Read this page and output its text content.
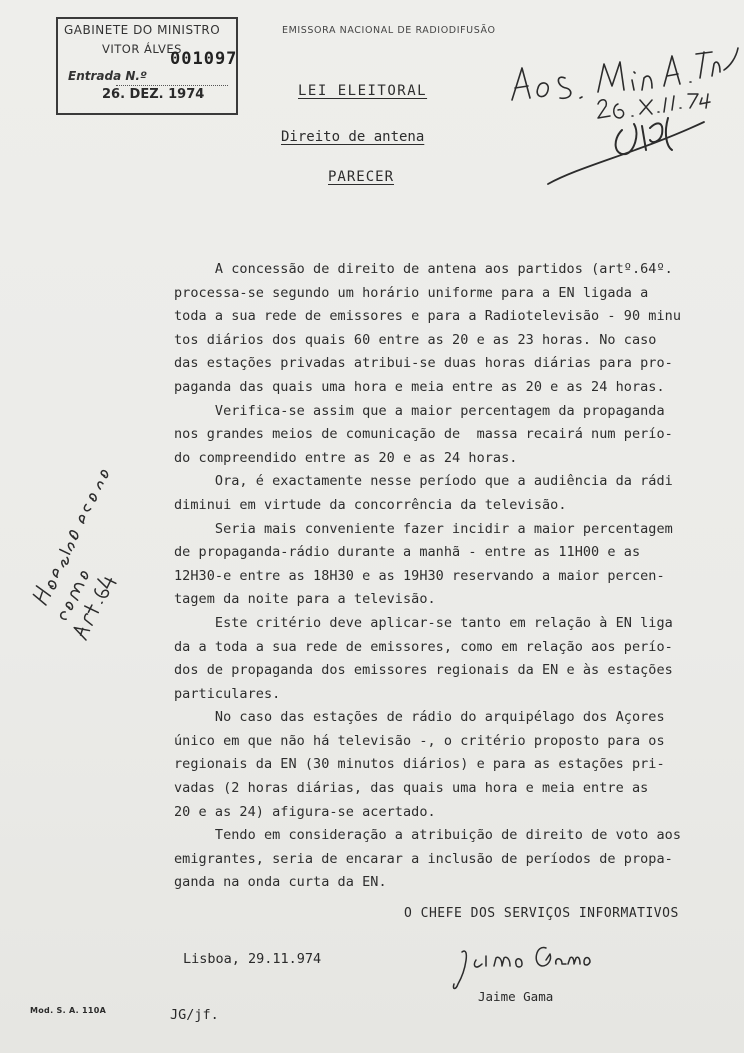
GABINETE DO MINISTRO
VITOR ÁLVES
001097
Entrada N.º
26. DEZ. 1974
EMISSORA NACIONAL DE RADIODIFUSÃO
LEI ELEITORAL
Direito de antena
PARECER

A concessão de direito de antena aos partidos (artº.64º.
processa-se segundo um horário uniforme para a EN ligada a
toda a sua rede de emissores e para a Radiotelevisão - 90 minu
tos diários dos quais 60 entre as 20 e as 23 horas. No caso
das estações privadas atribui-se duas horas diárias para pro-
paganda das quais uma hora e meia entre as 20 e as 24 horas.

Verifica-se assim que a maior percentagem da propaganda
nos grandes meios de comunicação de  massa recairá num perío-
do compreendido entre as 20 e as 24 horas.

Ora, é exactamente nesse período que a audiência da rádi
diminui em virtude da concorrência da televisão.

Seria mais conveniente fazer incidir a maior percentagem
de propaganda-rádio durante a manhã - entre as 11H00 e as
12H30-e entre as 18H30 e as 19H30 reservando a maior percen-
tagem da noite para a televisão.

Este critério deve aplicar-se tanto em relação à EN liga
da a toda a sua rede de emissores, como em relação aos perío-
dos de propaganda dos emissores regionais da EN e às estações
particulares.

No caso das estações de rádio do arquipélago dos Açores
único em que não há televisão -, o critério proposto para os
regionais da EN (30 minutos diários) e para as estações pri-
vadas (2 horas diárias, das quais uma hora e meia entre as
20 e as 24) afigura-se acertado.

Tendo em consideração a atribuição de direito de voto aos
emigrantes, seria de encarar a inclusão de períodos de propa-
ganda na onda curta da EN.

O CHEFE DOS SERVIÇOS INFORMATIVOS
Lisboa, 29.11.974
Jaime Gama
JG/jf.
Mod. S. A. 110A
